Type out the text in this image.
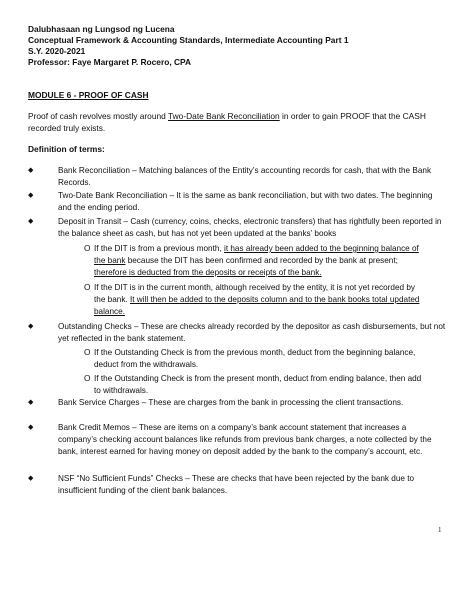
Dalubhasaan ng Lungsod ng Lucena
Conceptual Framework & Accounting Standards, Intermediate Accounting Part 1
S.Y. 2020-2021
Professor: Faye Margaret P. Rocero, CPA
MODULE 6 - PROOF OF CASH
Proof of cash revolves mostly around Two-Date Bank Reconciliation in order to gain PROOF that the CASH recorded truly exists.
Definition of terms:
◆	Bank Reconciliation – Matching balances of the Entity’s accounting records for cash, that with the Bank Records.
◆	Two-Date Bank Reconciliation – It is the same as bank reconciliation, but with two dates. The beginning and the ending period.
◆	Deposit in Transit – Cash (currency, coins, checks, electronic transfers) that has rightfully been reported in the balance sheet as cash, but has not yet been updated at the banks’ books
O If the DIT is from a previous month, it has already been added to the beginning balance of the bank because the DIT has been confirmed and recorded by the bank at present; therefore is deducted from the deposits or receipts of the bank.
O If the DIT is in the current month, although received by the entity, it is not yet recorded by the bank. It will then be added to the deposits column and to the bank books total updated balance.
◆	Outstanding Checks – These are checks already recorded by the depositor as cash disbursements, but not yet reflected in the bank statement.
O If the Outstanding Check is from the previous month, deduct from the beginning balance, deduct from the withdrawals.
O If the Outstanding Check is from the present month, deduct from ending balance, then add to withdrawals.
◆	Bank Service Charges – These are charges from the bank in processing the client transactions.
◆	Bank Credit Memos – These are items on a company’s bank account statement that increases a company’s checking account balances like refunds from previous bank charges, a note collected by the bank, interest earned for having money on deposit added by the bank to the company’s account, etc.
◆	NSF “No Sufficient Funds” Checks – These are checks that have been rejected by the bank due to insufficient funding of the client bank balances.
1
